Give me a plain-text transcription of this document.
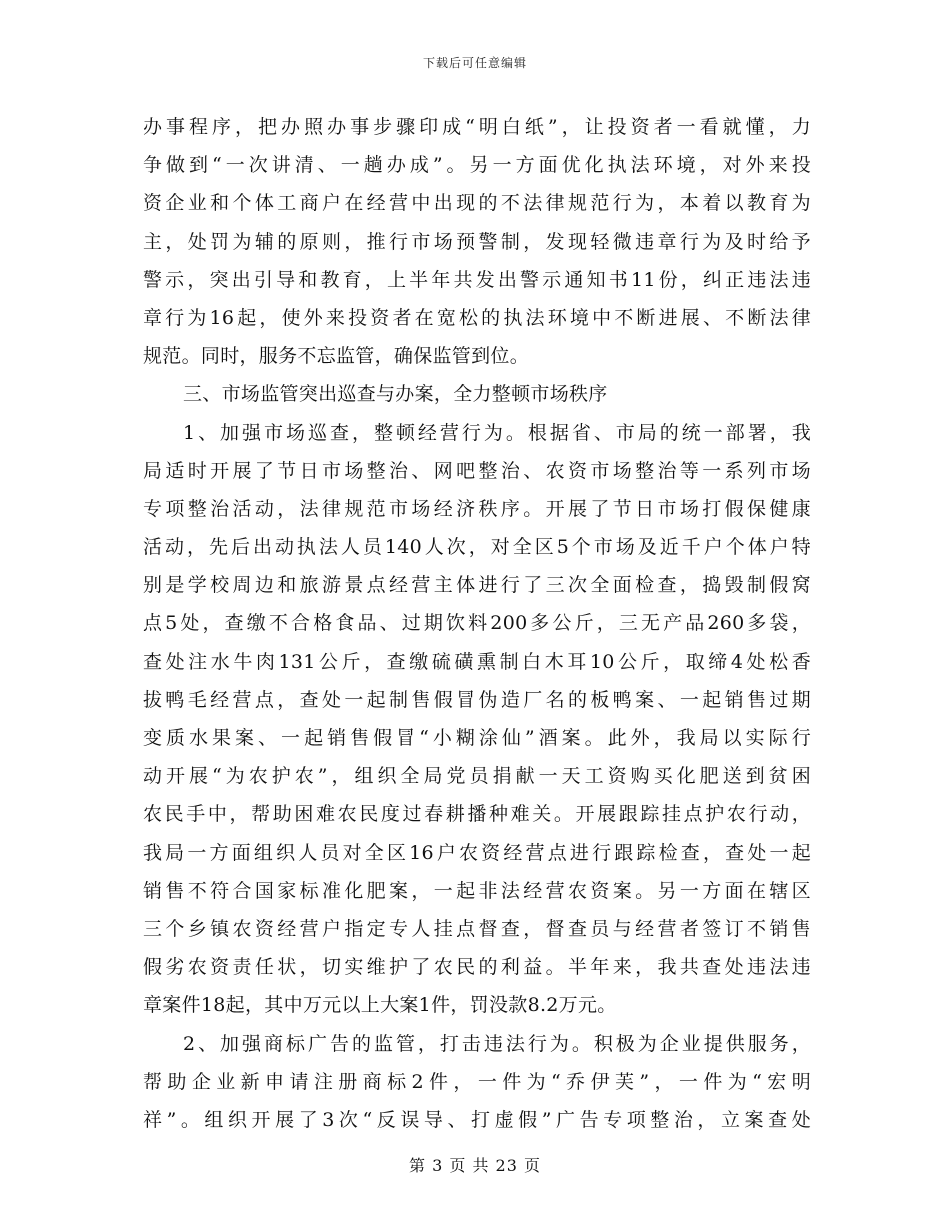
下载后可任意编辑
办事程序，把办照办事步骤印成“明白纸”，让投资者一看就懂，力
争做到“一次讲清、一趟办成”。另一方面优化执法环境，对外来投
资企业和个体工商户在经营中出现的不法律规范行为，本着以教育为
主，处罚为辅的原则，推行市场预警制，发现轻微违章行为及时给予
警示，突出引导和教育，上半年共发出警示通知书11份，纠正违法违
章行为16起，使外来投资者在宽松的执法环境中不断进展、不断法律
规范。同时，服务不忘监管，确保监管到位。
三、市场监管突出巡查与办案，全力整顿市场秩序
1、加强市场巡查，整顿经营行为。根据省、市局的统一部署，我
局适时开展了节日市场整治、网吧整治、农资市场整治等一系列市场
专项整治活动，法律规范市场经济秩序。开展了节日市场打假保健康
活动，先后出动执法人员140人次，对全区5个市场及近千户个体户特
别是学校周边和旅游景点经营主体进行了三次全面检查，捣毁制假窝
点5处，查缴不合格食品、过期饮料200多公斤，三无产品260多袋，
查处注水牛肉131公斤，查缴硫磺熏制白木耳10公斤，取缔4处松香
拔鸭毛经营点，查处一起制售假冒伪造厂名的板鸭案、一起销售过期
变质水果案、一起销售假冒“小糊涂仙”酒案。此外，我局以实际行
动开展“为农护农”，组织全局党员捐献一天工资购买化肥送到贫困
农民手中，帮助困难农民度过春耕播种难关。开展跟踪挂点护农行动，
我局一方面组织人员对全区16户农资经营点进行跟踪检查，查处一起
销售不符合国家标准化肥案，一起非法经营农资案。另一方面在辖区
三个乡镇农资经营户指定专人挂点督查，督查员与经营者签订不销售
假劣农资责任状，切实维护了农民的利益。半年来，我共查处违法违
章案件18起，其中万元以上大案1件，罚没款8.2万元。
2、加强商标广告的监管，打击违法行为。积极为企业提供服务，
帮助企业新申请注册商标2件，一件为“乔伊芙”，一件为“宏明
祥”。组织开展了3次“反误导、打虚假”广告专项整治，立案查处
第 3 页 共 23 页
